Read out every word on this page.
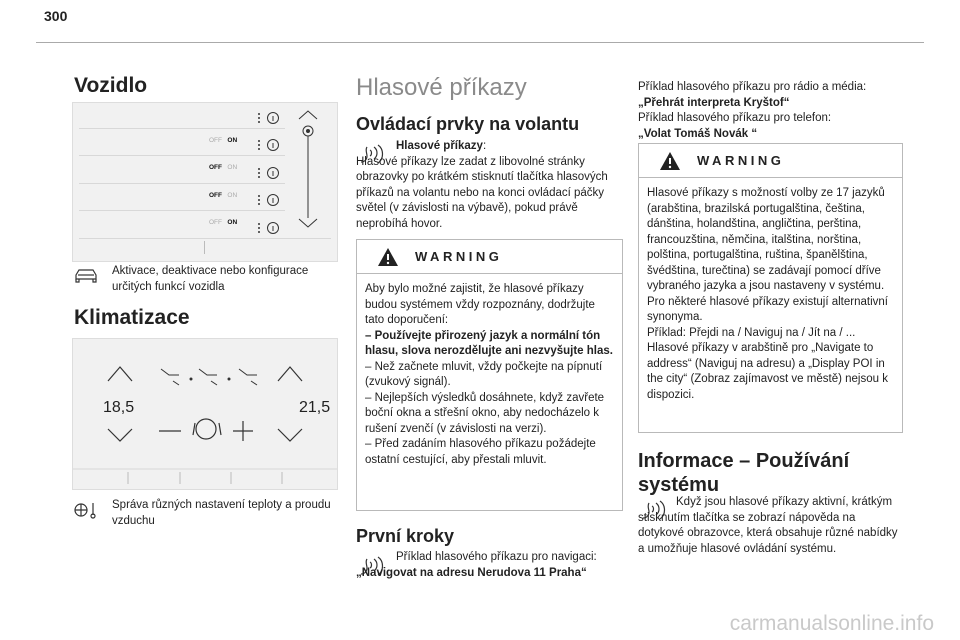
300
Vozidlo
OFF ON
OFF ON
OFF ON
OFF ON
Aktivace, deaktivace nebo konfigurace určitých funkcí vozidla
Klimatizace
18,5	21,5
Správa různých nastavení teploty a proudu vzduchu
Hlasové příkazy
Ovládací prvky na volantu
Hlasové příkazy:
Hlasové příkazy lze zadat z libovolné stránky obrazovky po krátkém stisknutí tlačítka hlasových příkazů na volantu nebo na konci ovládací páčky světel (v závislosti na výbavě), pokud právě neprobíhá hovor.
WARNING
Aby bylo možné zajistit, že hlasové příkazy budou systémem vždy rozpoznány, dodržujte tato doporučení:
– Používejte přirozený jazyk a normální tón hlasu, slova nerozdělujte ani nezvyšujte hlas.
– Než začnete mluvit, vždy počkejte na pípnutí (zvukový signál).
– Nejlepších výsledků dosáhnete, když zavřete boční okna a střešní okno, aby nedocházelo k rušení zvenčí (v závislosti na verzi).
– Před zadáním hlasového příkazu požádejte ostatní cestující, aby přestali mluvit.
První kroky
Příklad hlasového příkazu pro navigaci:
„Navigovat na adresu Nerudova 11 Praha“
Příklad hlasového příkazu pro rádio a média:
„Přehrát interpreta Kryštof“
Příklad hlasového příkazu pro telefon:
„Volat Tomáš Novák “
WARNING
Hlasové příkazy s možností volby ze 17 jazyků (arabština, brazilská portugalština, čeština, dánština, holandština, angličtina, perština, francouzština, němčina, italština, norština, polština, portugalština, ruština, španělština, švédština, turečtina) se zadávají pomocí dříve vybraného jazyka a jsou nastaveny v systému.
Pro některé hlasové příkazy existují alternativní synonyma.
Příklad: Přejdi na / Naviguj na / Jít na / ...
Hlasové příkazy v arabštině pro „Navigate to address“ (Naviguj na adresu) a „Display POI in the city“ (Zobraz zajímavost ve městě) nejsou k dispozici.
Informace – Používání systému
Když jsou hlasové příkazy aktivní, krátkým stisknutím tlačítka se zobrazí nápověda na dotykové obrazovce, která obsahuje různé nabídky a umožňuje hlasové ovládání systému.
carmanualsonline.info
